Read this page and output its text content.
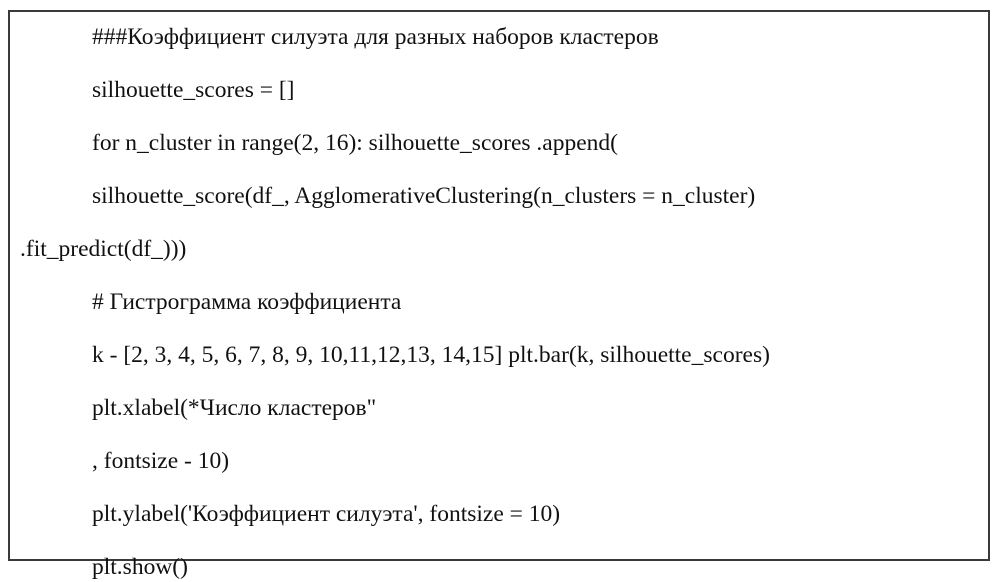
###Коэффициент силуэта для разных наборов кластеров
silhouette_scores = []
for n_cluster in range(2, 16): silhouette_scores .append(
silhouette_score(df_, AgglomerativeClustering(n_clusters = n_cluster)
.fit_predict(df_)))
# Гистрограмма коэффициента
k - [2, 3, 4, 5, 6, 7, 8, 9, 10,11,12,13, 14,15] plt.bar(k, silhouette_scores)
plt.xlabel(*Число кластеров"
, fontsize - 10)
plt.ylabel('Коэффициент силуэта', fontsize = 10)
plt.show()
